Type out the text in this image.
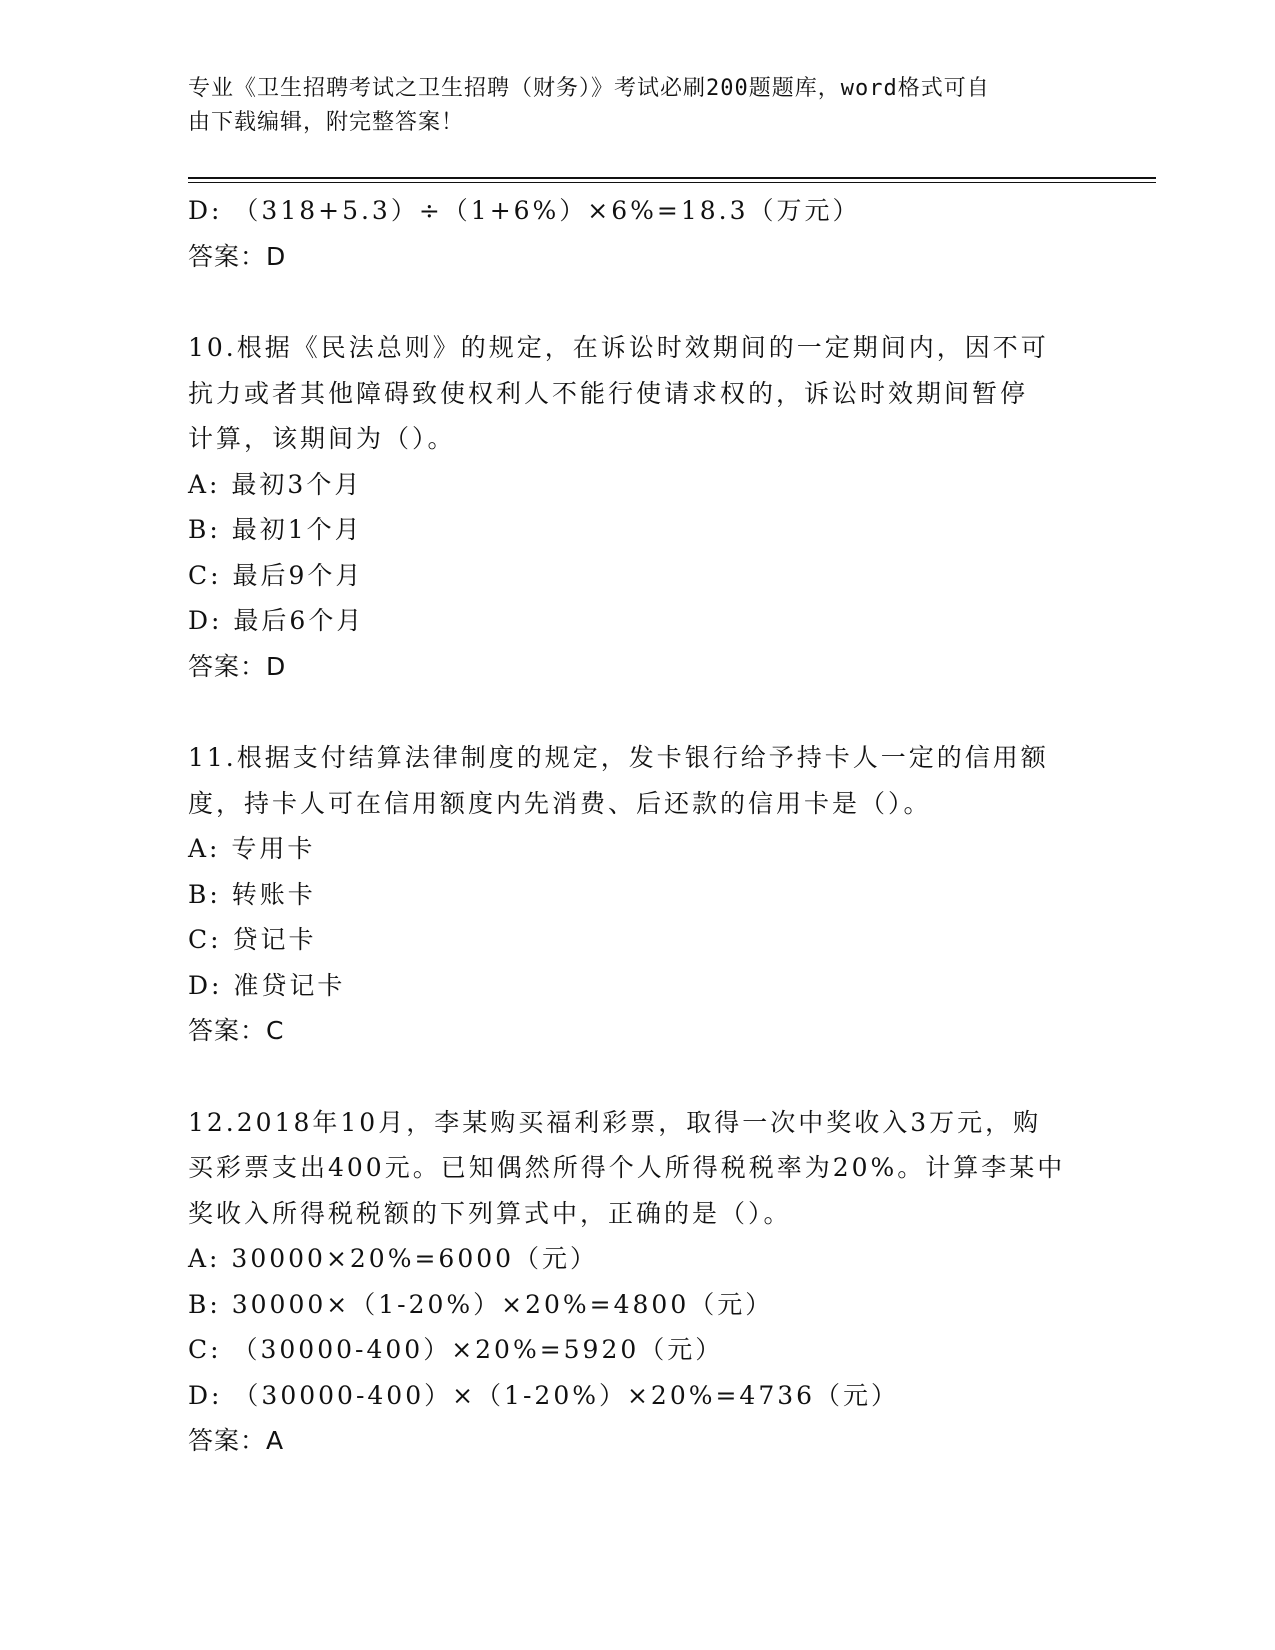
专业《卫生招聘考试之卫生招聘（财务）》考试必刷200题题库，word格式可自
由下载编辑，附完整答案！
D: （318+5.3）÷（1+6%）×6%=18.3（万元）
答案：D
10.根据《民法总则》的规定，在诉讼时效期间的一定期间内，因不可
抗力或者其他障碍致使权利人不能行使请求权的，诉讼时效期间暂停
计算，该期间为（）。
A: 最初3个月
B: 最初1个月
C: 最后9个月
D: 最后6个月
答案：D
11.根据支付结算法律制度的规定，发卡银行给予持卡人一定的信用额
度，持卡人可在信用额度内先消费、后还款的信用卡是（）。
A: 专用卡
B: 转账卡
C: 贷记卡
D: 准贷记卡
答案：C
12.2018年10月，李某购买福利彩票，取得一次中奖收入3万元，购
买彩票支出400元。已知偶然所得个人所得税税率为20%。计算李某中
奖收入所得税税额的下列算式中，正确的是（）。
A: 30000×20%=6000（元）
B: 30000×（1-20%）×20%=4800（元）
C: （30000-400）×20%=5920（元）
D: （30000-400）×（1-20%）×20%=4736（元）
答案：A
